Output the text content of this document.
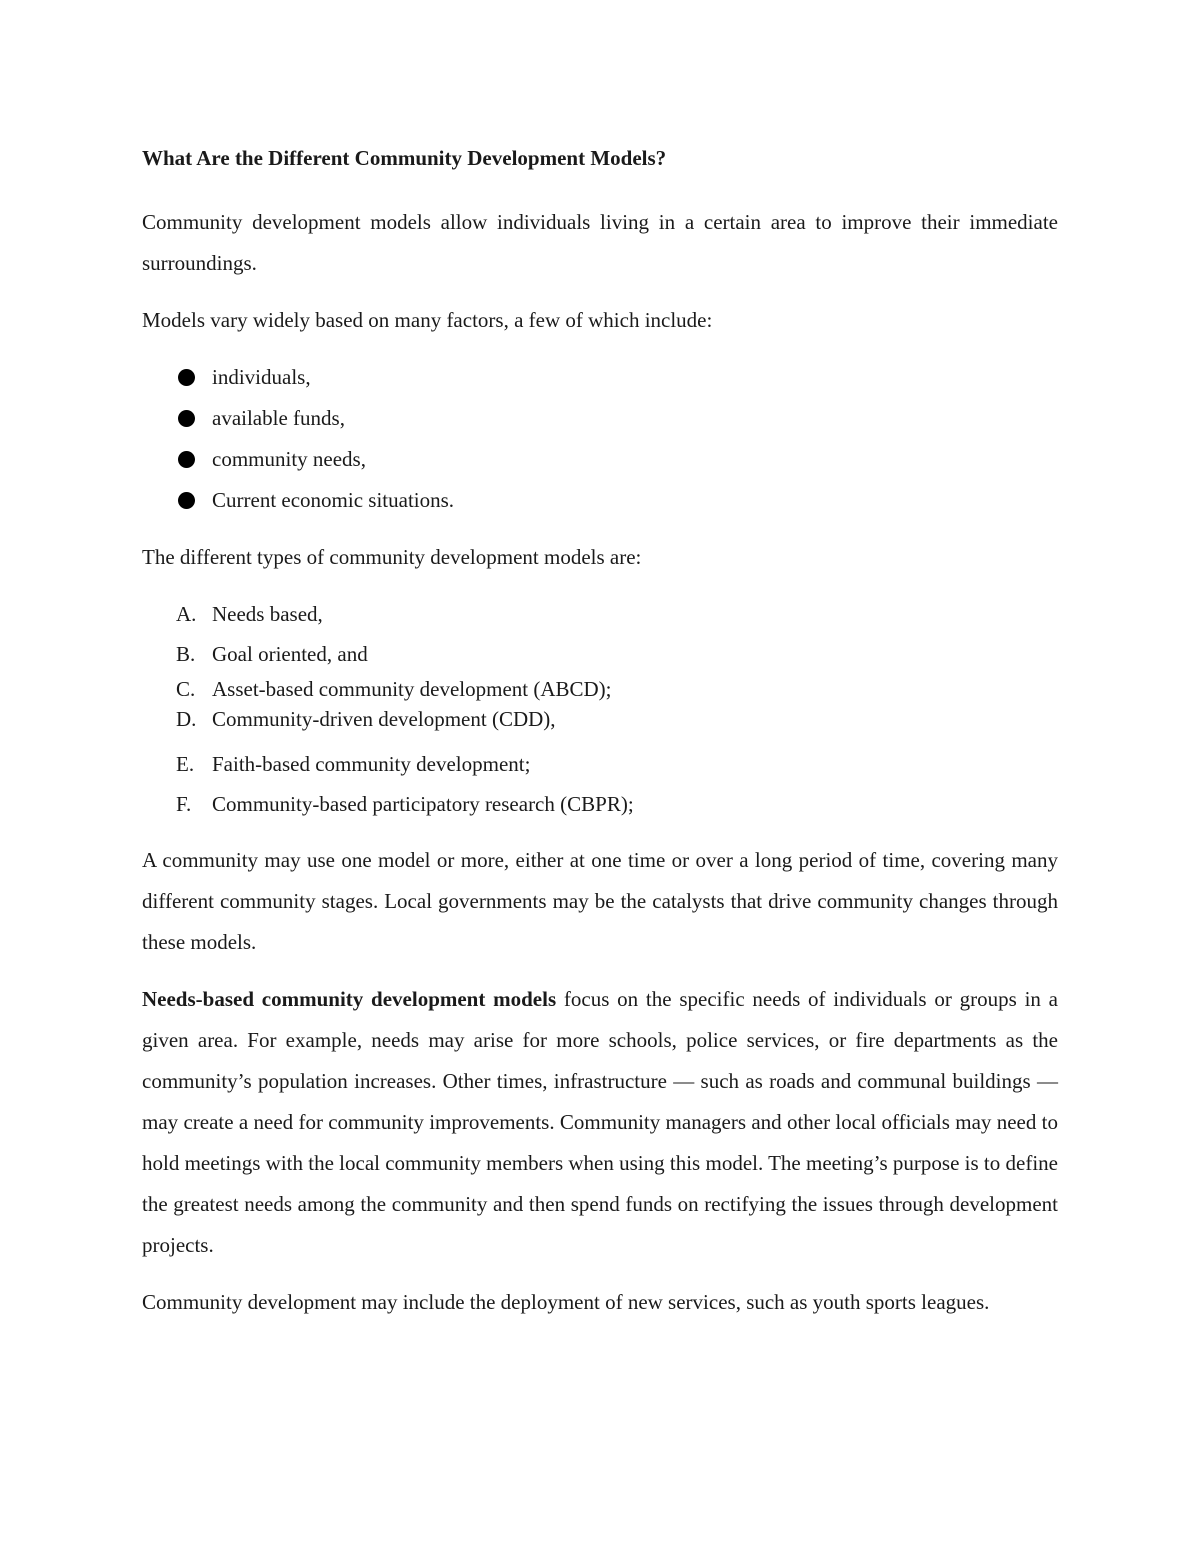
What Are the Different Community Development Models?

Community development models allow individuals living in a certain area to improve their immediate surroundings.

Models vary widely based on many factors, a few of which include:
individuals,
available funds,
community needs,
Current economic situations.
The different types of community development models are:
A. Needs based,
B. Goal oriented, and
C. Asset-based community development (ABCD);
D. Community-driven development (CDD),
E. Faith-based community development;
F. Community-based participatory research (CBPR);

A community may use one model or more, either at one time or over a long period of time, covering many different community stages. Local governments may be the catalysts that drive community changes through these models.

Needs-based community development models focus on the specific needs of individuals or groups in a given area. For example, needs may arise for more schools, police services, or fire departments as the community’s population increases. Other times, infrastructure — such as roads and communal buildings — may create a need for community improvements. Community managers and other local officials may need to hold meetings with the local community members when using this model. The meeting’s purpose is to define the greatest needs among the community and then spend funds on rectifying the issues through development projects.

Community development may include the deployment of new services, such as youth sports leagues.
